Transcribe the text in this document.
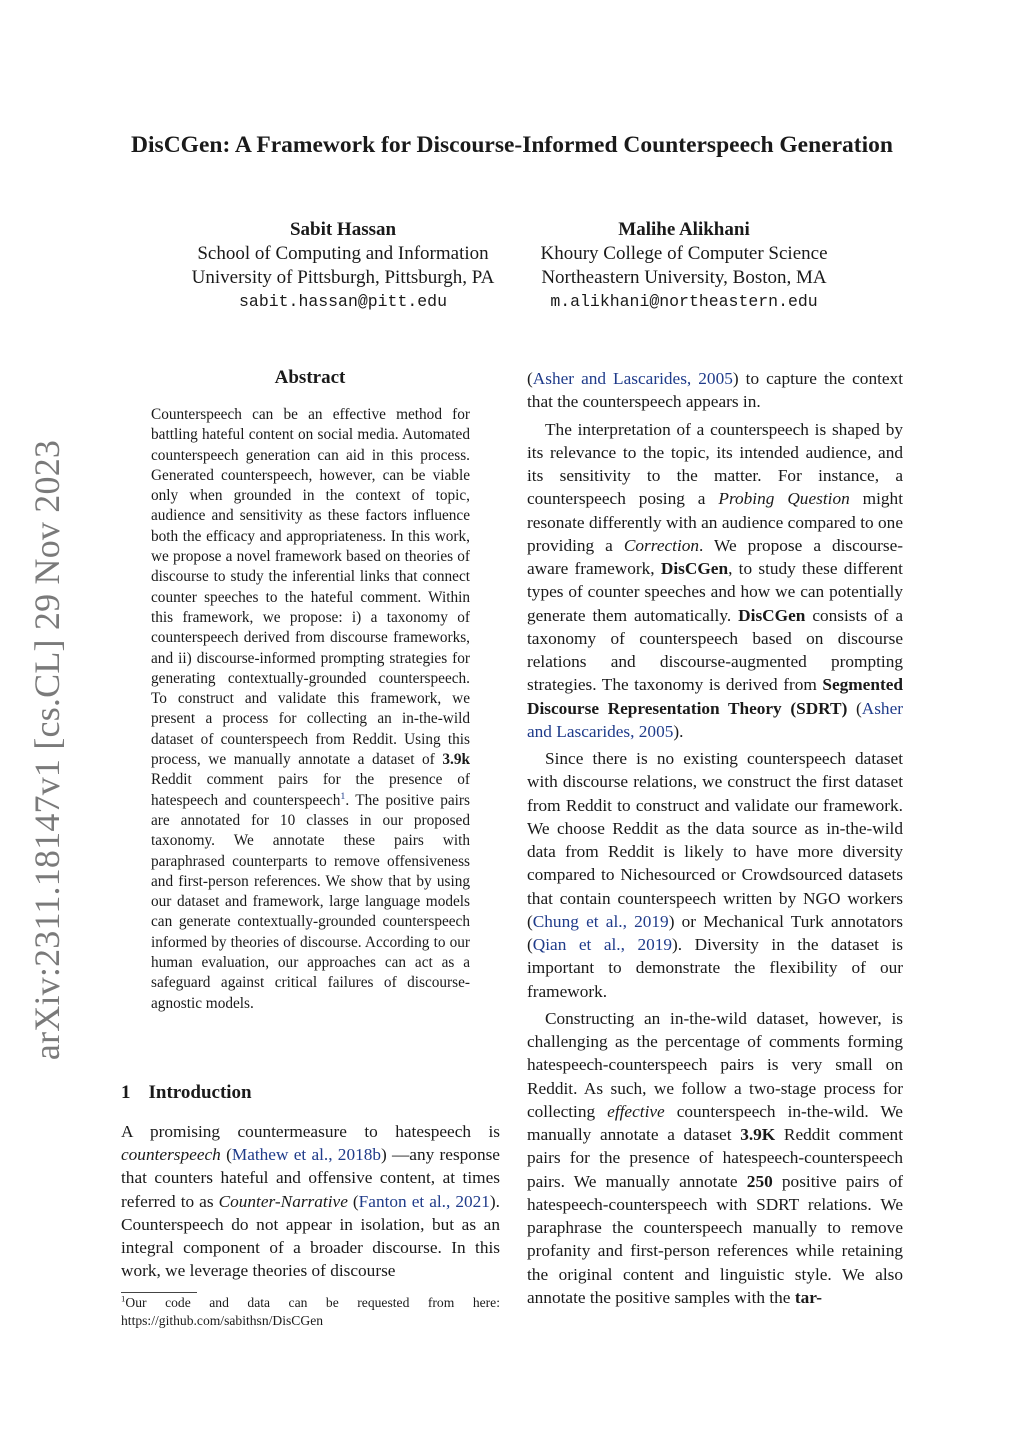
arXiv:2311.18147v1 [cs.CL] 29 Nov 2023
DisCGen: A Framework for Discourse-Informed Counterspeech Generation
Sabit Hassan
School of Computing and Information
University of Pittsburgh, Pittsburgh, PA
sabit.hassan@pitt.edu
Malihe Alikhani
Khoury College of Computer Science
Northeastern University, Boston, MA
m.alikhani@northeastern.edu
Abstract
Counterspeech can be an effective method for battling hateful content on social media. Automated counterspeech generation can aid in this process. Generated counterspeech, however, can be viable only when grounded in the context of topic, audience and sensitivity as these factors influence both the efficacy and appropriateness. In this work, we propose a novel framework based on theories of discourse to study the inferential links that connect counter speeches to the hateful comment. Within this framework, we propose: i) a taxonomy of counterspeech derived from discourse frameworks, and ii) discourse-informed prompting strategies for generating contextually-grounded counterspeech. To construct and validate this framework, we present a process for collecting an in-the-wild dataset of counterspeech from Reddit. Using this process, we manually annotate a dataset of 3.9k Reddit comment pairs for the presence of hatespeech and counterspeech$^1$. The positive pairs are annotated for 10 classes in our proposed taxonomy. We annotate these pairs with paraphrased counterparts to remove offensiveness and first-person references. We show that by using our dataset and framework, large language models can generate contextually-grounded counterspeech informed by theories of discourse. According to our human evaluation, our approaches can act as a safeguard against critical failures of discourse-agnostic models.
1 Introduction
A promising countermeasure to hatespeech is counterspeech (Mathew et al., 2018b) —any response that counters hateful and offensive content, at times referred to as Counter-Narrative (Fanton et al., 2021). Counterspeech do not appear in isolation, but as an integral component of a broader discourse. In this work, we leverage theories of discourse
$^1$Our code and data can be requested from here: https://github.com/sabithsn/DisCGen

(Asher and Lascarides, 2005) to capture the context that the counterspeech appears in.

The interpretation of a counterspeech is shaped by its relevance to the topic, its intended audience, and its sensitivity to the matter. For instance, a counterspeech posing a Probing Question might resonate differently with an audience compared to one providing a Correction. We propose a discourse-aware framework, DisCGen, to study these different types of counter speeches and how we can potentially generate them automatically. DisCGen consists of a taxonomy of counterspeech based on discourse relations and discourse-augmented prompting strategies. The taxonomy is derived from Segmented Discourse Representation Theory (SDRT) (Asher and Lascarides, 2005).

Since there is no existing counterspeech dataset with discourse relations, we construct the first dataset from Reddit to construct and validate our framework. We choose Reddit as the data source as in-the-wild data from Reddit is likely to have more diversity compared to Nichesourced or Crowdsourced datasets that contain counterspeech written by NGO workers (Chung et al., 2019) or Mechanical Turk annotators (Qian et al., 2019). Diversity in the dataset is important to demonstrate the flexibility of our framework.

Constructing an in-the-wild dataset, however, is challenging as the percentage of comments forming hatespeech-counterspeech pairs is very small on Reddit. As such, we follow a two-stage process for collecting effective counterspeech in-the-wild. We manually annotate a dataset 3.9K Reddit comment pairs for the presence of hatespeech-counterspeech pairs. We manually annotate 250 positive pairs of hatespeech-counterspeech with SDRT relations. We paraphrase the counterspeech manually to remove profanity and first-person references while retaining the original content and linguistic style. We also annotate the positive samples with the tar-
